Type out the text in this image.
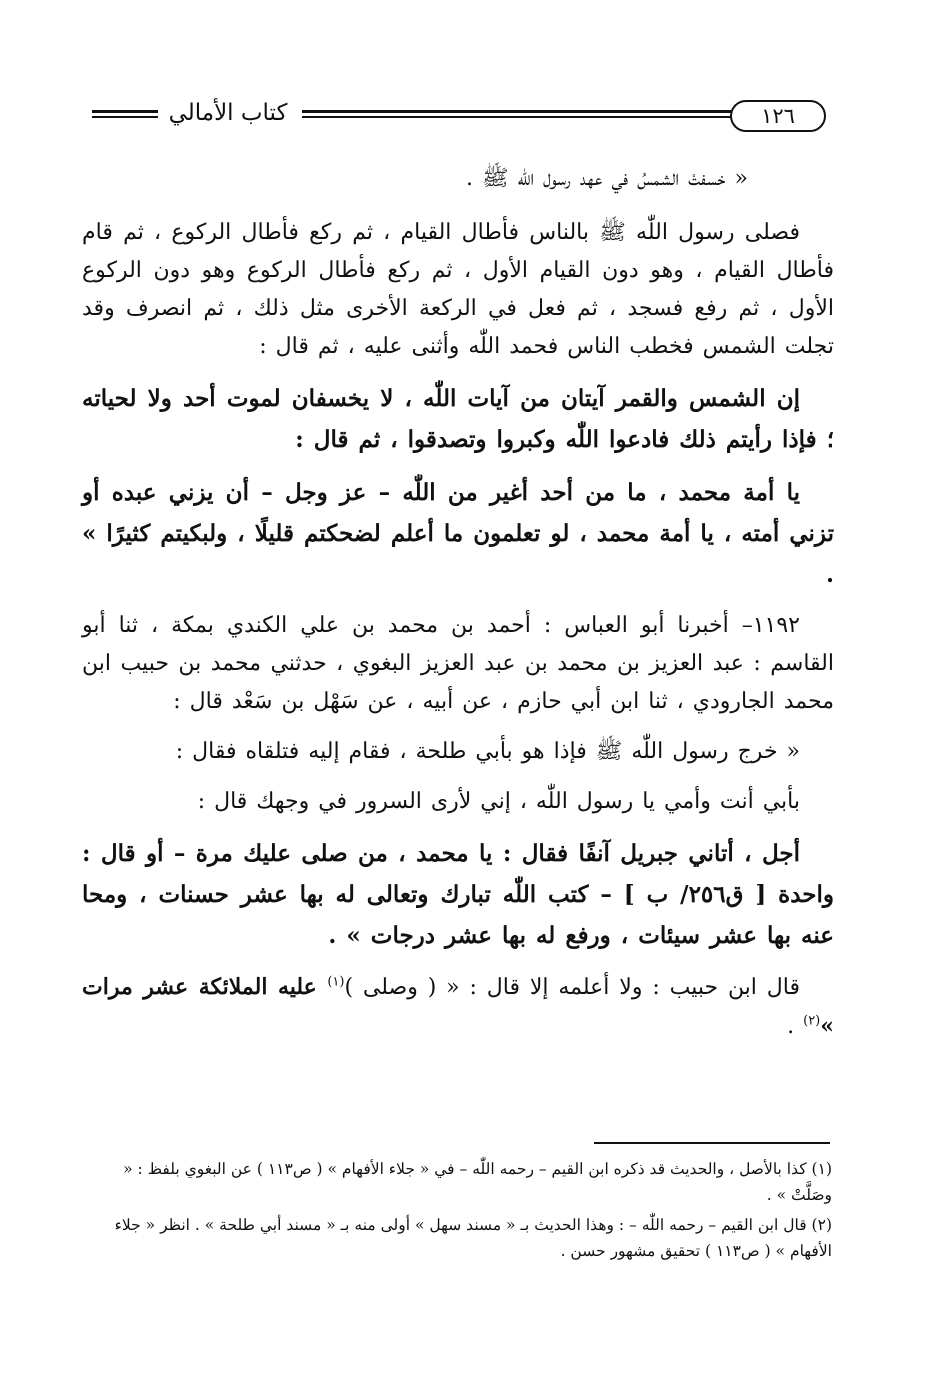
كتاب الأمالي	١٢٦

« خسفتْ الشمسُ في عهد رسول اللّٰه ﷺ .

فصلى رسول اللّٰه ﷺ بالناس فأطال القيام ، ثم ركع فأطال الركوع ، ثم قام فأطال القيام ، وهو دون القيام الأول ، ثم ركع فأطال الركوع وهو دون الركوع الأول ، ثم رفع فسجد ، ثم فعل في الركعة الأخرى مثل ذلك ، ثم انصرف وقد تجلت الشمس فخطب الناس فحمد اللّٰه وأثنى عليه ، ثم قال :

إن الشمس والقمر آيتان من آيات اللّٰه ، لا يخسفان لموت أحد ولا لحياته ؛ فإذا رأيتم ذلك فادعوا اللّٰه وكبروا وتصدقوا ، ثم قال :

يا أمة محمد ، ما من أحد أغير من اللّٰه – عز وجل – أن يزني عبده أو تزني أمته ، يا أمة محمد ، لو تعلمون ما أعلم لضحكتم قليلًا ، ولبكيتم كثيرًا » .

١١٩٢– أخبرنا أبو العباس : أحمد بن محمد بن علي الكندي بمكة ، ثنا أبو القاسم : عبد العزيز بن محمد بن عبد العزيز البغوي ، حدثني محمد بن حبيب ابن محمد الجارودي ، ثنا ابن أبي حازم ، عن أبيه ، عن سَهْل بن سَعْد قال :

« خرج رسول اللّٰه ﷺ فإذا هو بأبي طلحة ، فقام إليه فتلقاه فقال :

بأبي أنت وأمي يا رسول اللّٰه ، إني لأرى السرور في وجهك قال :

أجل ، أتاني جبريل آنفًا فقال : يا محمد ، من صلى عليك مرة – أو قال : واحدة [ ق٢٥٦/ ب ] – كتب اللّٰه تبارك وتعالى له بها عشر حسنات ، ومحا عنه بها عشر سيئات ، ورفع له بها عشر درجات » .

قال ابن حبيب : ولا أعلمه إلا قال : « ( وصلى )$^{(١)}$ عليه الملائكة عشر مرات »$^{(٢)}$ .

(١) كذا بالأصل ، والحديث قد ذكره ابن القيم – رحمه اللّٰه – في « جلاء الأفهام » ( ص١١٣ ) عن البغوي بلفظ : « وصَلَّتْ » .

(٢) قال ابن القيم – رحمه اللّٰه – : وهذا الحديث بـ « مسند سهل » أولى منه بـ « مسند أبي طلحة » . انظر « جلاء الأفهام » ( ص١١٣ ) تحقيق مشهور حسن .
